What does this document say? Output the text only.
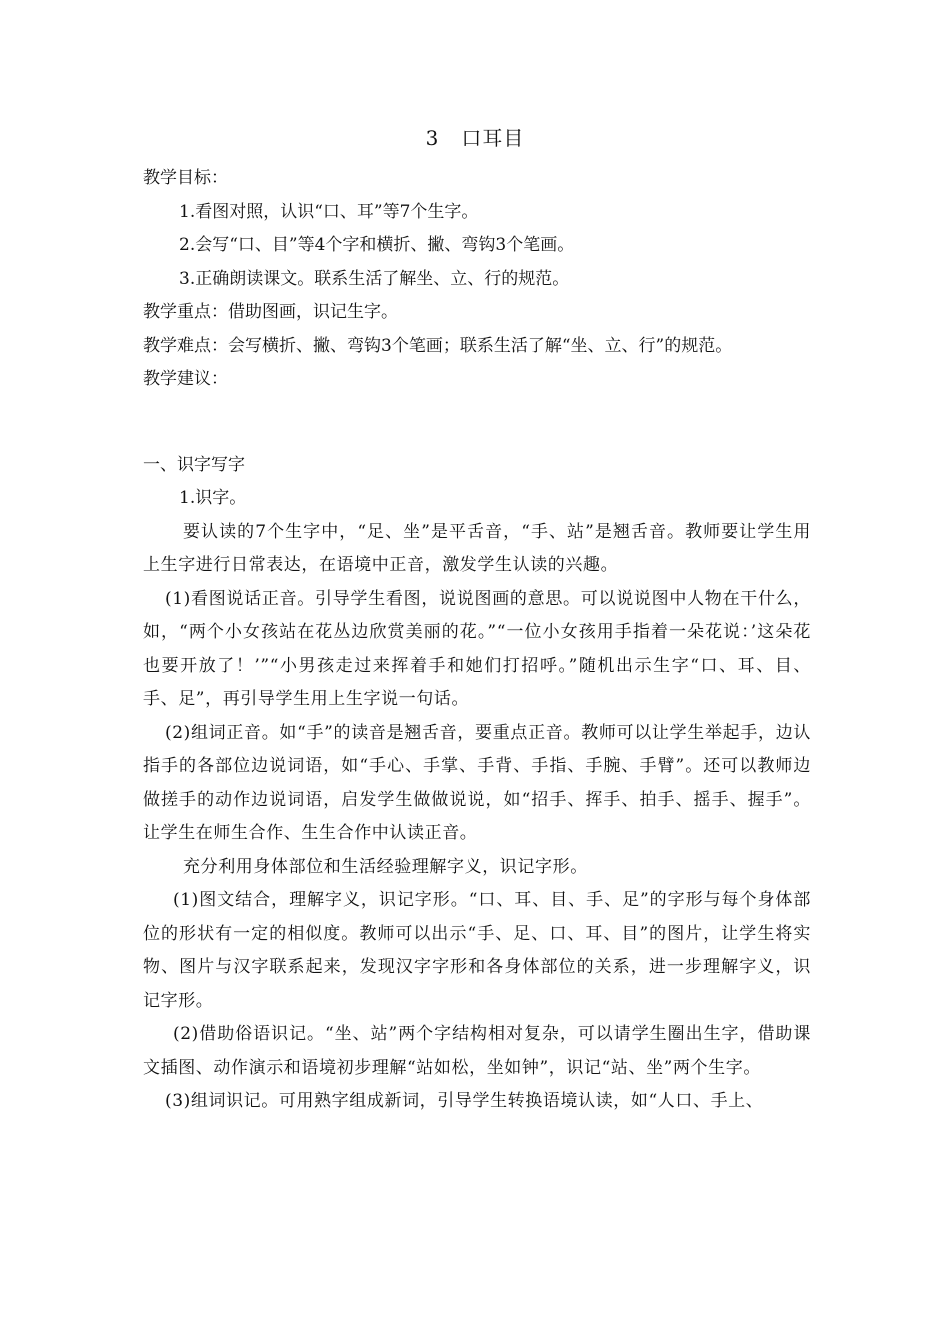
3 口耳目

教学目标：

1.看图对照，认识“口、耳”等7个生字。

2.会写“口、目”等4个字和横折、撇、弯钩3个笔画。

3.正确朗读课文。联系生活了解坐、立、行的规范。

教学重点：借助图画，识记生字。

教学难点：会写横折、撇、弯钩3个笔画；联系生活了解“坐、立、行”的规范。

教学建议：

一、识字写字

1.识字。

要认读的7个生字中，“足、坐”是平舌音，“手、站”是翘舌音。教师要让学生用上生字进行日常表达，在语境中正音，激发学生认读的兴趣。

(1)看图说话正音。引导学生看图，说说图画的意思。可以说说图中人物在干什么，如，“两个小女孩站在花丛边欣赏美丽的花。”“一位小女孩用手指着一朵花说：’这朵花也要开放了！’”“小男孩走过来挥着手和她们打招呼。”随机出示生字“口、耳、目、手、足”，再引导学生用上生字说一句话。

(2)组词正音。如“手”的读音是翘舌音，要重点正音。教师可以让学生举起手，边认指手的各部位边说词语，如“手心、手掌、手背、手指、手腕、手臂”。还可以教师边做搓手的动作边说词语，启发学生做做说说，如“招手、挥手、拍手、摇手、握手”。让学生在师生合作、生生合作中认读正音。

充分利用身体部位和生活经验理解字义，识记字形。

(1)图文结合，理解字义，识记字形。“口、耳、目、手、足”的字形与每个身体部位的形状有一定的相似度。教师可以出示“手、足、口、耳、目”的图片，让学生将实物、图片与汉字联系起来，发现汉字字形和各身体部位的关系，进一步理解字义，识记字形。

(2)借助俗语识记。“坐、站”两个字结构相对复杂，可以请学生圈出生字，借助课文插图、动作演示和语境初步理解“站如松，坐如钟”，识记“站、坐”两个生字。

(3)组词识记。可用熟字组成新词，引导学生转换语境认读，如“人口、手上、
